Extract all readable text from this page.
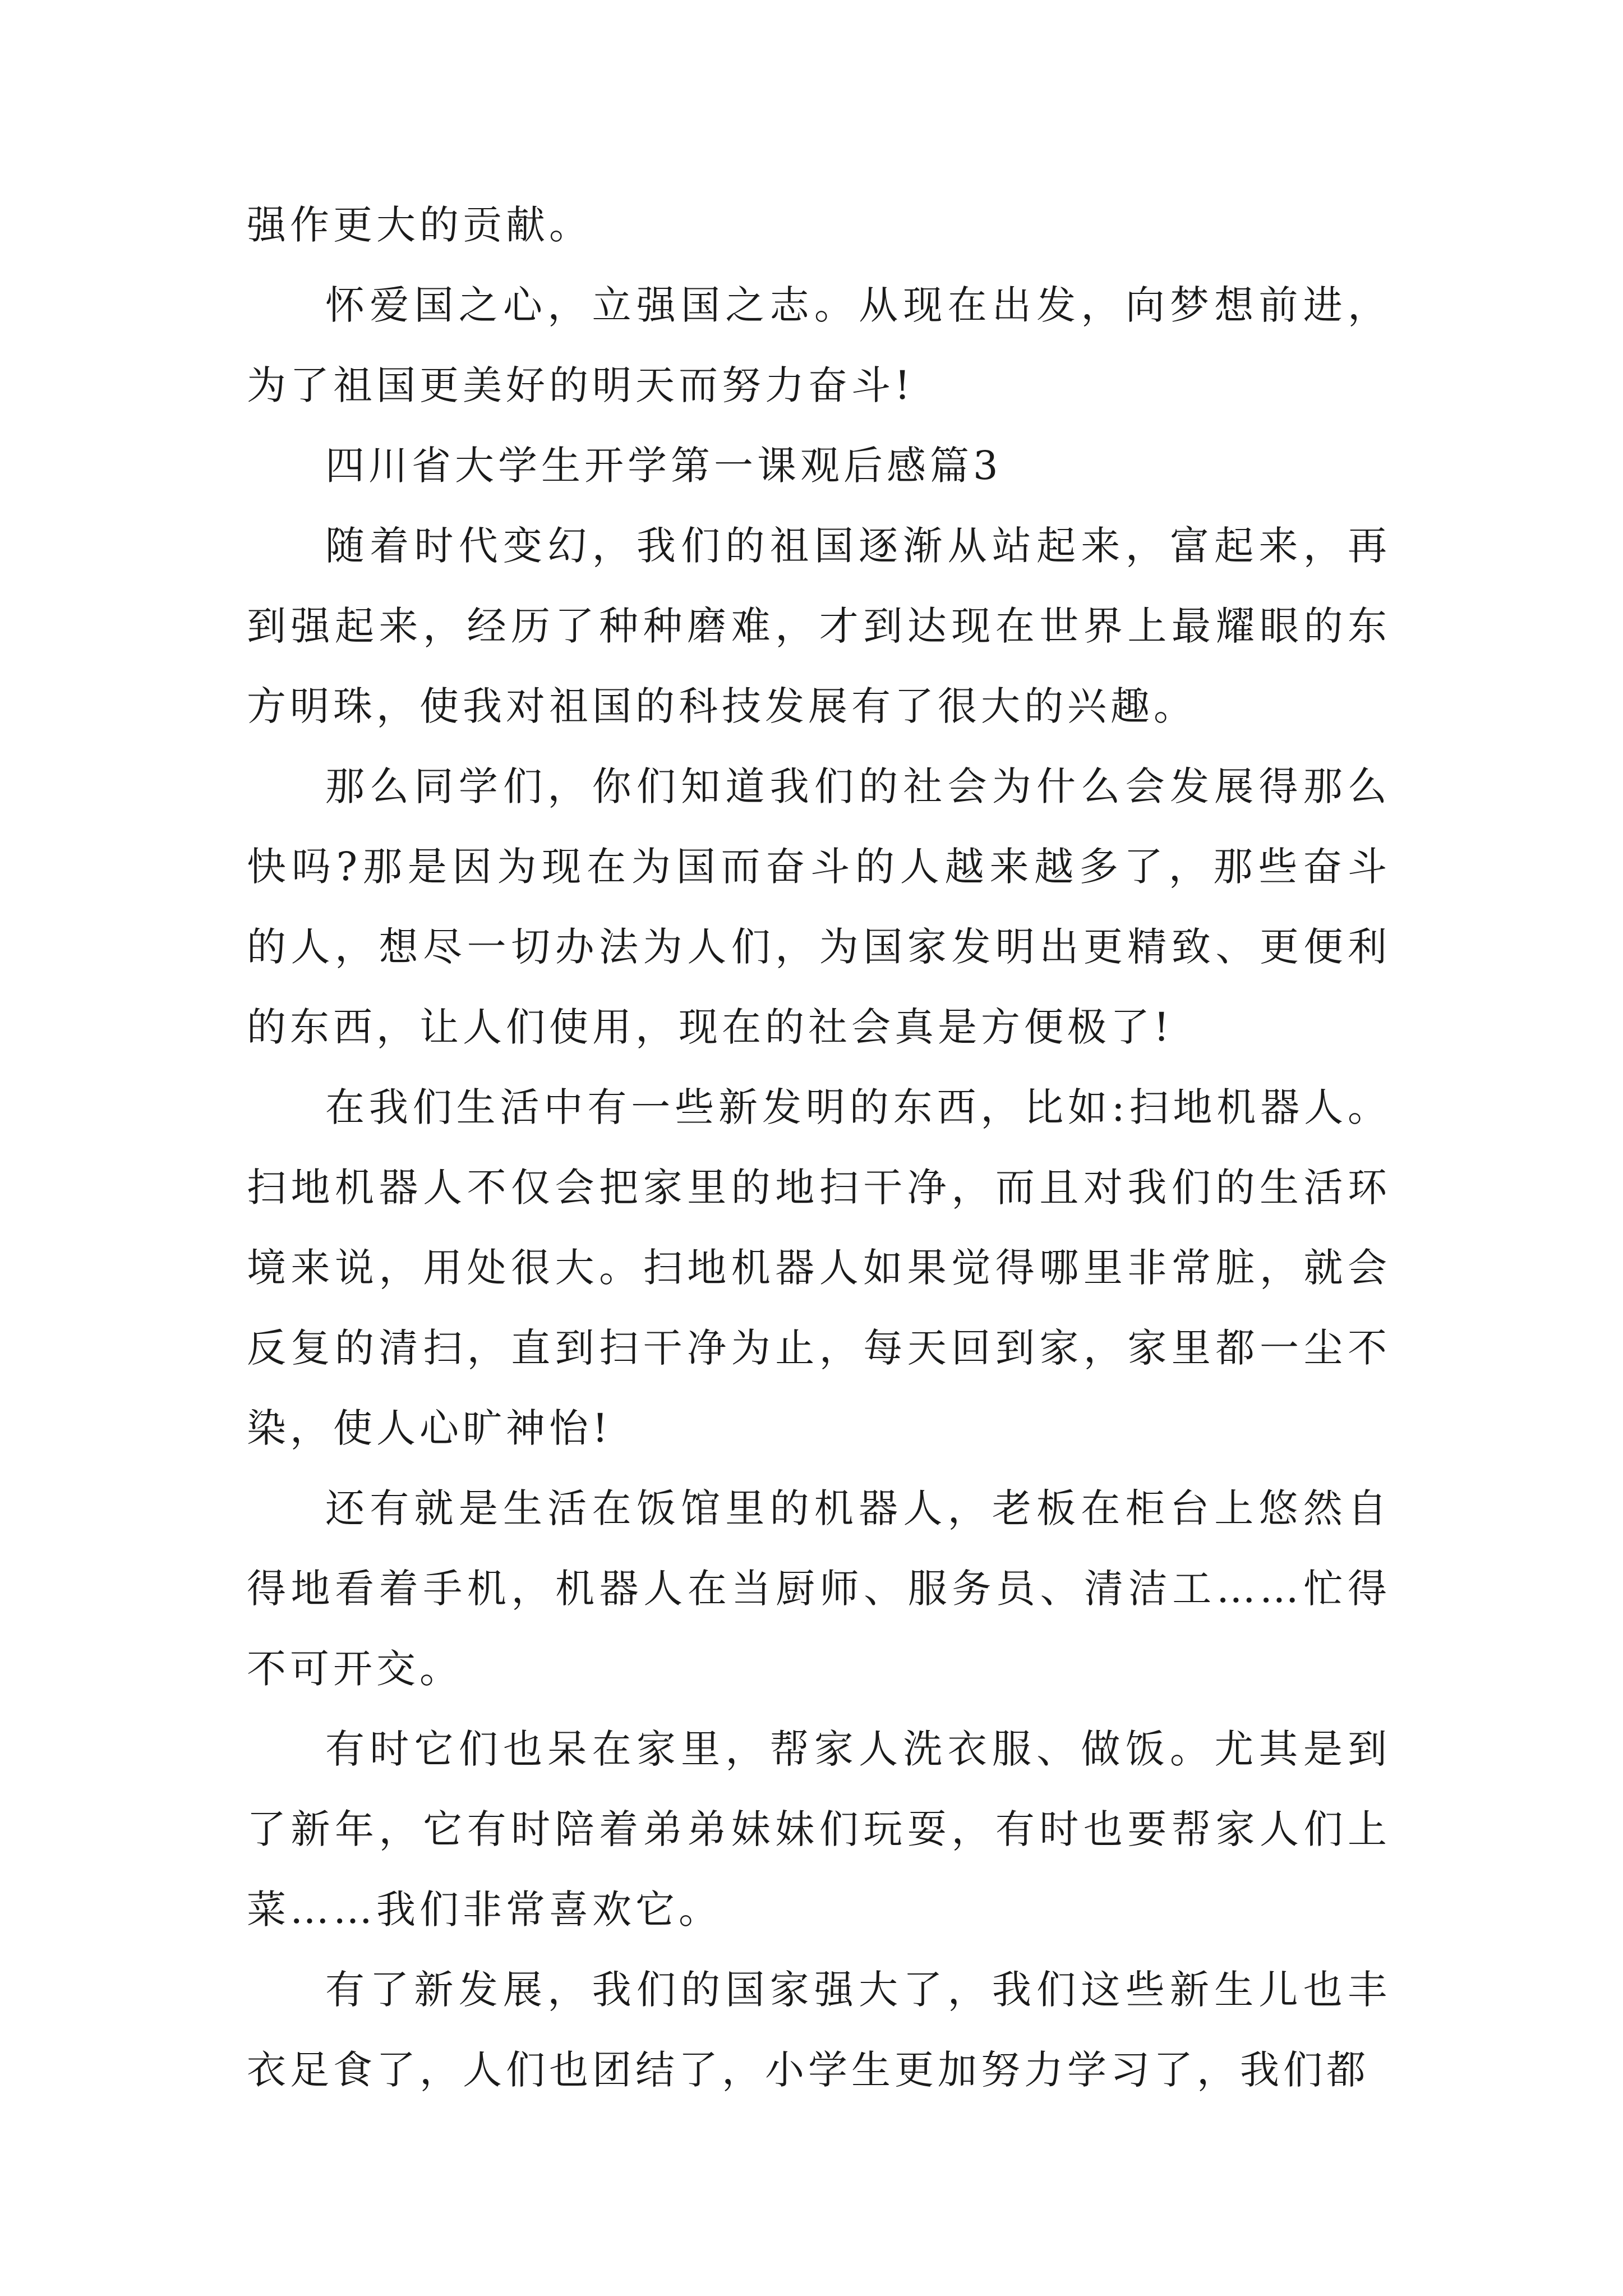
强作更大的贡献。

怀爱国之心，立强国之志。从现在出发，向梦想前进，为了祖国更美好的明天而努力奋斗!

四川省大学生开学第一课观后感篇3

随着时代变幻，我们的祖国逐渐从站起来，富起来，再到强起来，经历了种种磨难，才到达现在世界上最耀眼的东方明珠，使我对祖国的科技发展有了很大的兴趣。

那么同学们，你们知道我们的社会为什么会发展得那么快吗?那是因为现在为国而奋斗的人越来越多了，那些奋斗的人，想尽一切办法为人们，为国家发明出更精致、更便利的东西，让人们使用，现在的社会真是方便极了!

在我们生活中有一些新发明的东西，比如:扫地机器人。扫地机器人不仅会把家里的地扫干净，而且对我们的生活环境来说，用处很大。扫地机器人如果觉得哪里非常脏，就会反复的清扫，直到扫干净为止，每天回到家，家里都一尘不染，使人心旷神怡!

还有就是生活在饭馆里的机器人，老板在柜台上悠然自得地看着手机，机器人在当厨师、服务员、清洁工……忙得不可开交。

有时它们也呆在家里，帮家人洗衣服、做饭。尤其是到了新年，它有时陪着弟弟妹妹们玩耍，有时也要帮家人们上菜……我们非常喜欢它。

有了新发展，我们的国家强大了，我们这些新生儿也丰衣足食了，人们也团结了，小学生更加努力学习了，我们都
